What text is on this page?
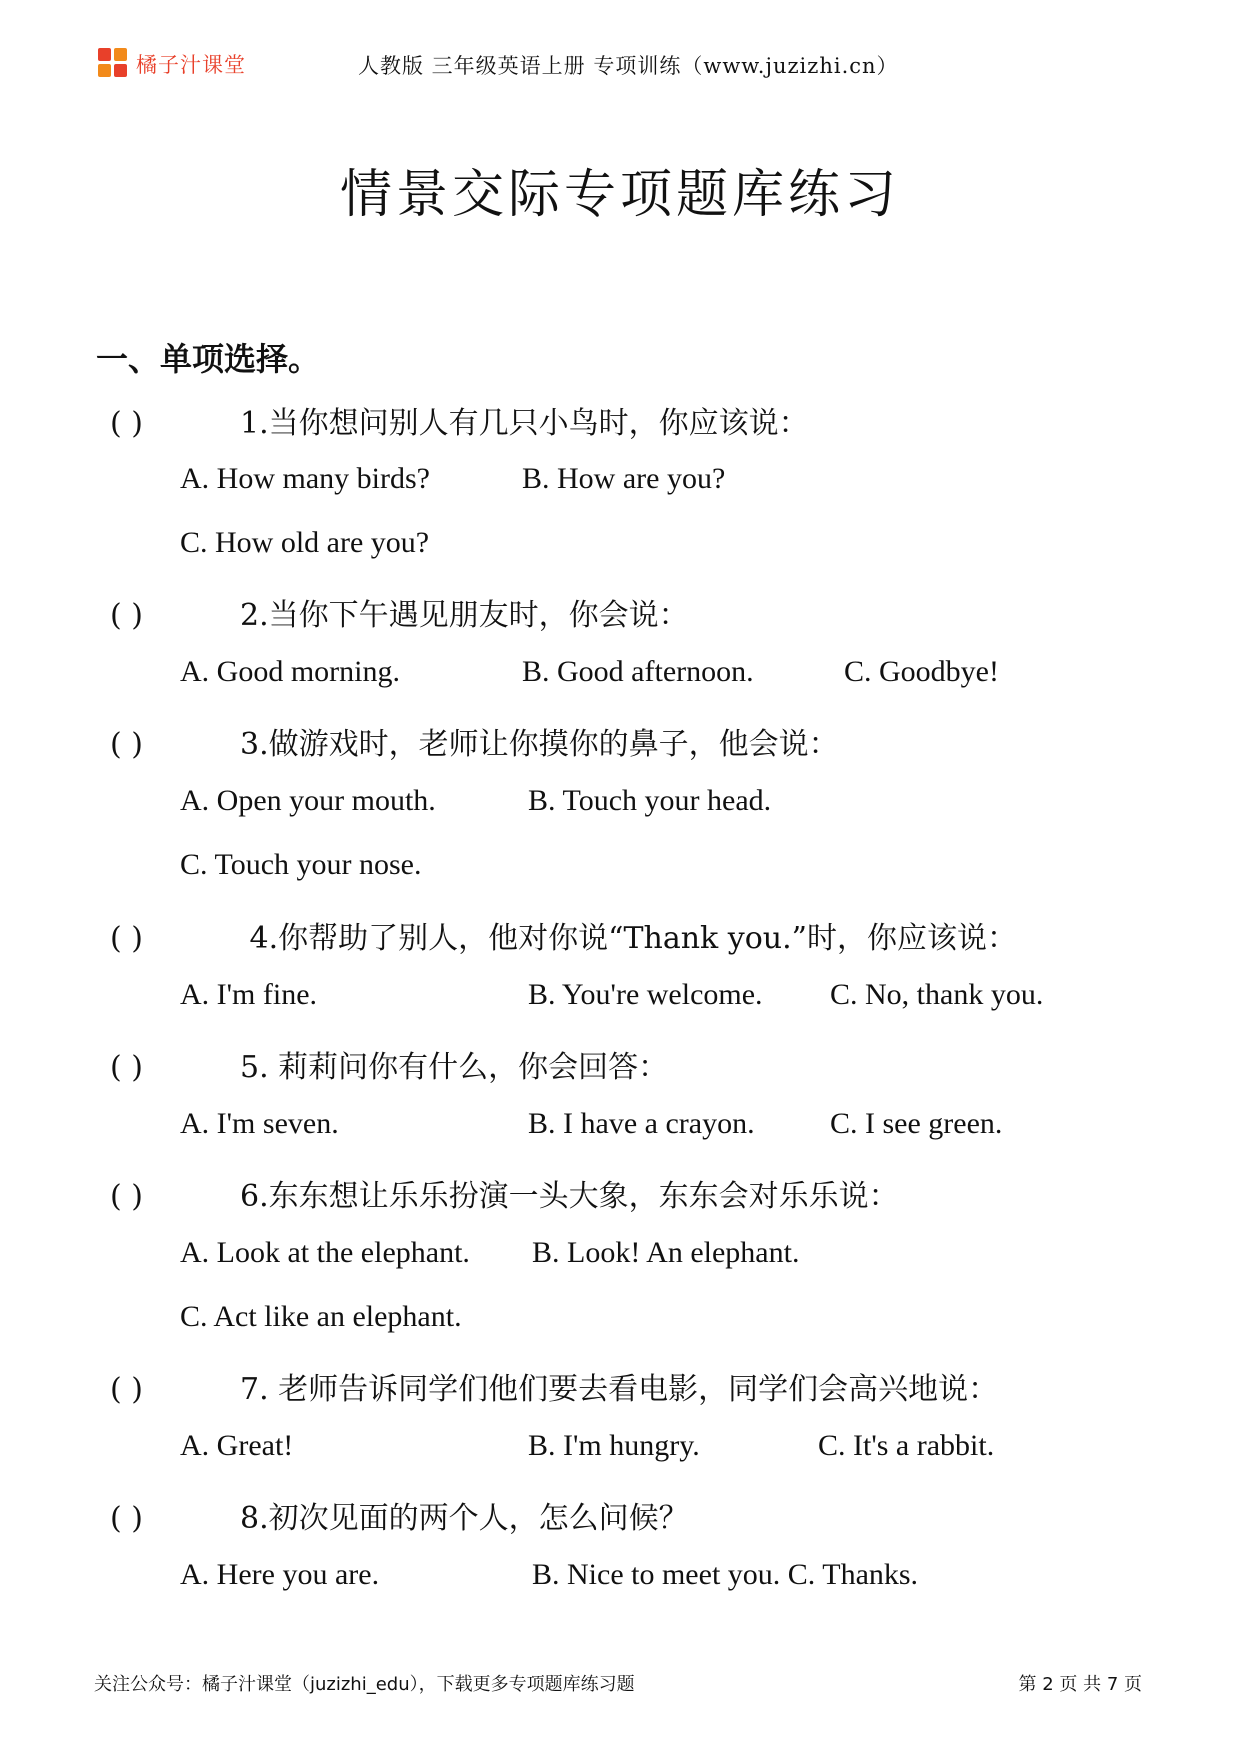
橘子汁课堂	人教版 三年级英语上册 专项训练（www.juzizhi.cn）
情景交际专项题库练习
一、单项选择。
( )	1.当你想问别人有几只小鸟时，你应该说：
A. How many birds?	B. How are you?
C. How old are you?
( )	2.当你下午遇见朋友时，你会说：
A. Good morning.	B. Good afternoon.	C. Goodbye!
( )	3.做游戏时，老师让你摸你的鼻子，他会说：
A. Open your mouth.	B. Touch your head.
C. Touch your nose.
( )	4.你帮助了别人，他对你说“Thank you.”时，你应该说：
A. I'm fine.	B. You're welcome. C. No, thank you.
( )	5. 莉莉问你有什么，你会回答：
A. I'm seven.	B. I have a crayon.	C. I see green.
( )	6.东东想让乐乐扮演一头大象，东东会对乐乐说：
A. Look at the elephant. B. Look! An elephant.
C. Act like an elephant.
( )	7. 老师告诉同学们他们要去看电影，同学们会高兴地说：
A. Great!	B. I'm hungry.	C. It's a rabbit.
( )	8.初次见面的两个人，怎么问候？
A. Here you are.	B. Nice to meet you. C. Thanks.
关注公众号：橘子汁课堂（juzizhi_edu），下载更多专项题库练习题	第 2 页 共 7 页
